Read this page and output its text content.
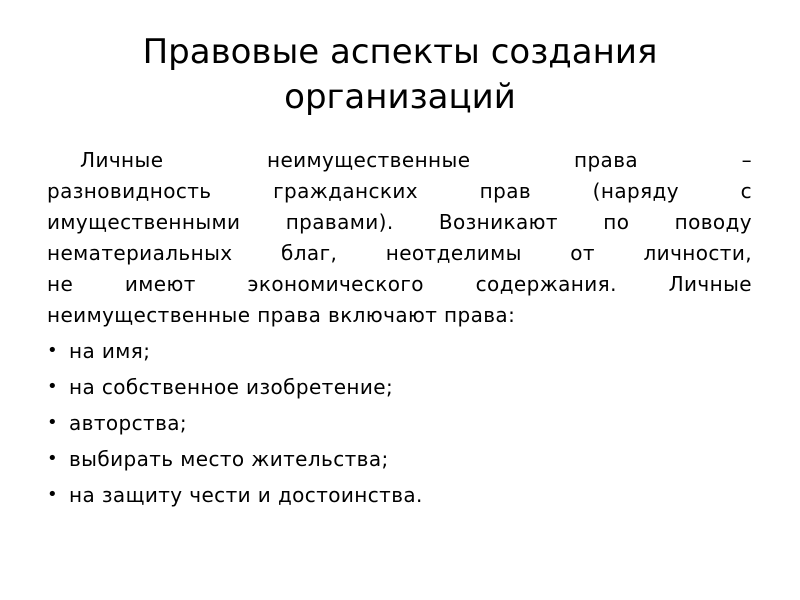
Правовые аспекты создания
организаций

Личные неимущественные права –
разновидность гражданских прав (наряду с
имущественными правами). Возникают по поводу
нематериальных благ, неотделимы от личности,
не имеют экономического содержания. Личные
неимущественные права включают права:

• на имя;
• на собственное изобретение;
• авторства;
• выбирать место жительства;
• на защиту чести и достоинства.
